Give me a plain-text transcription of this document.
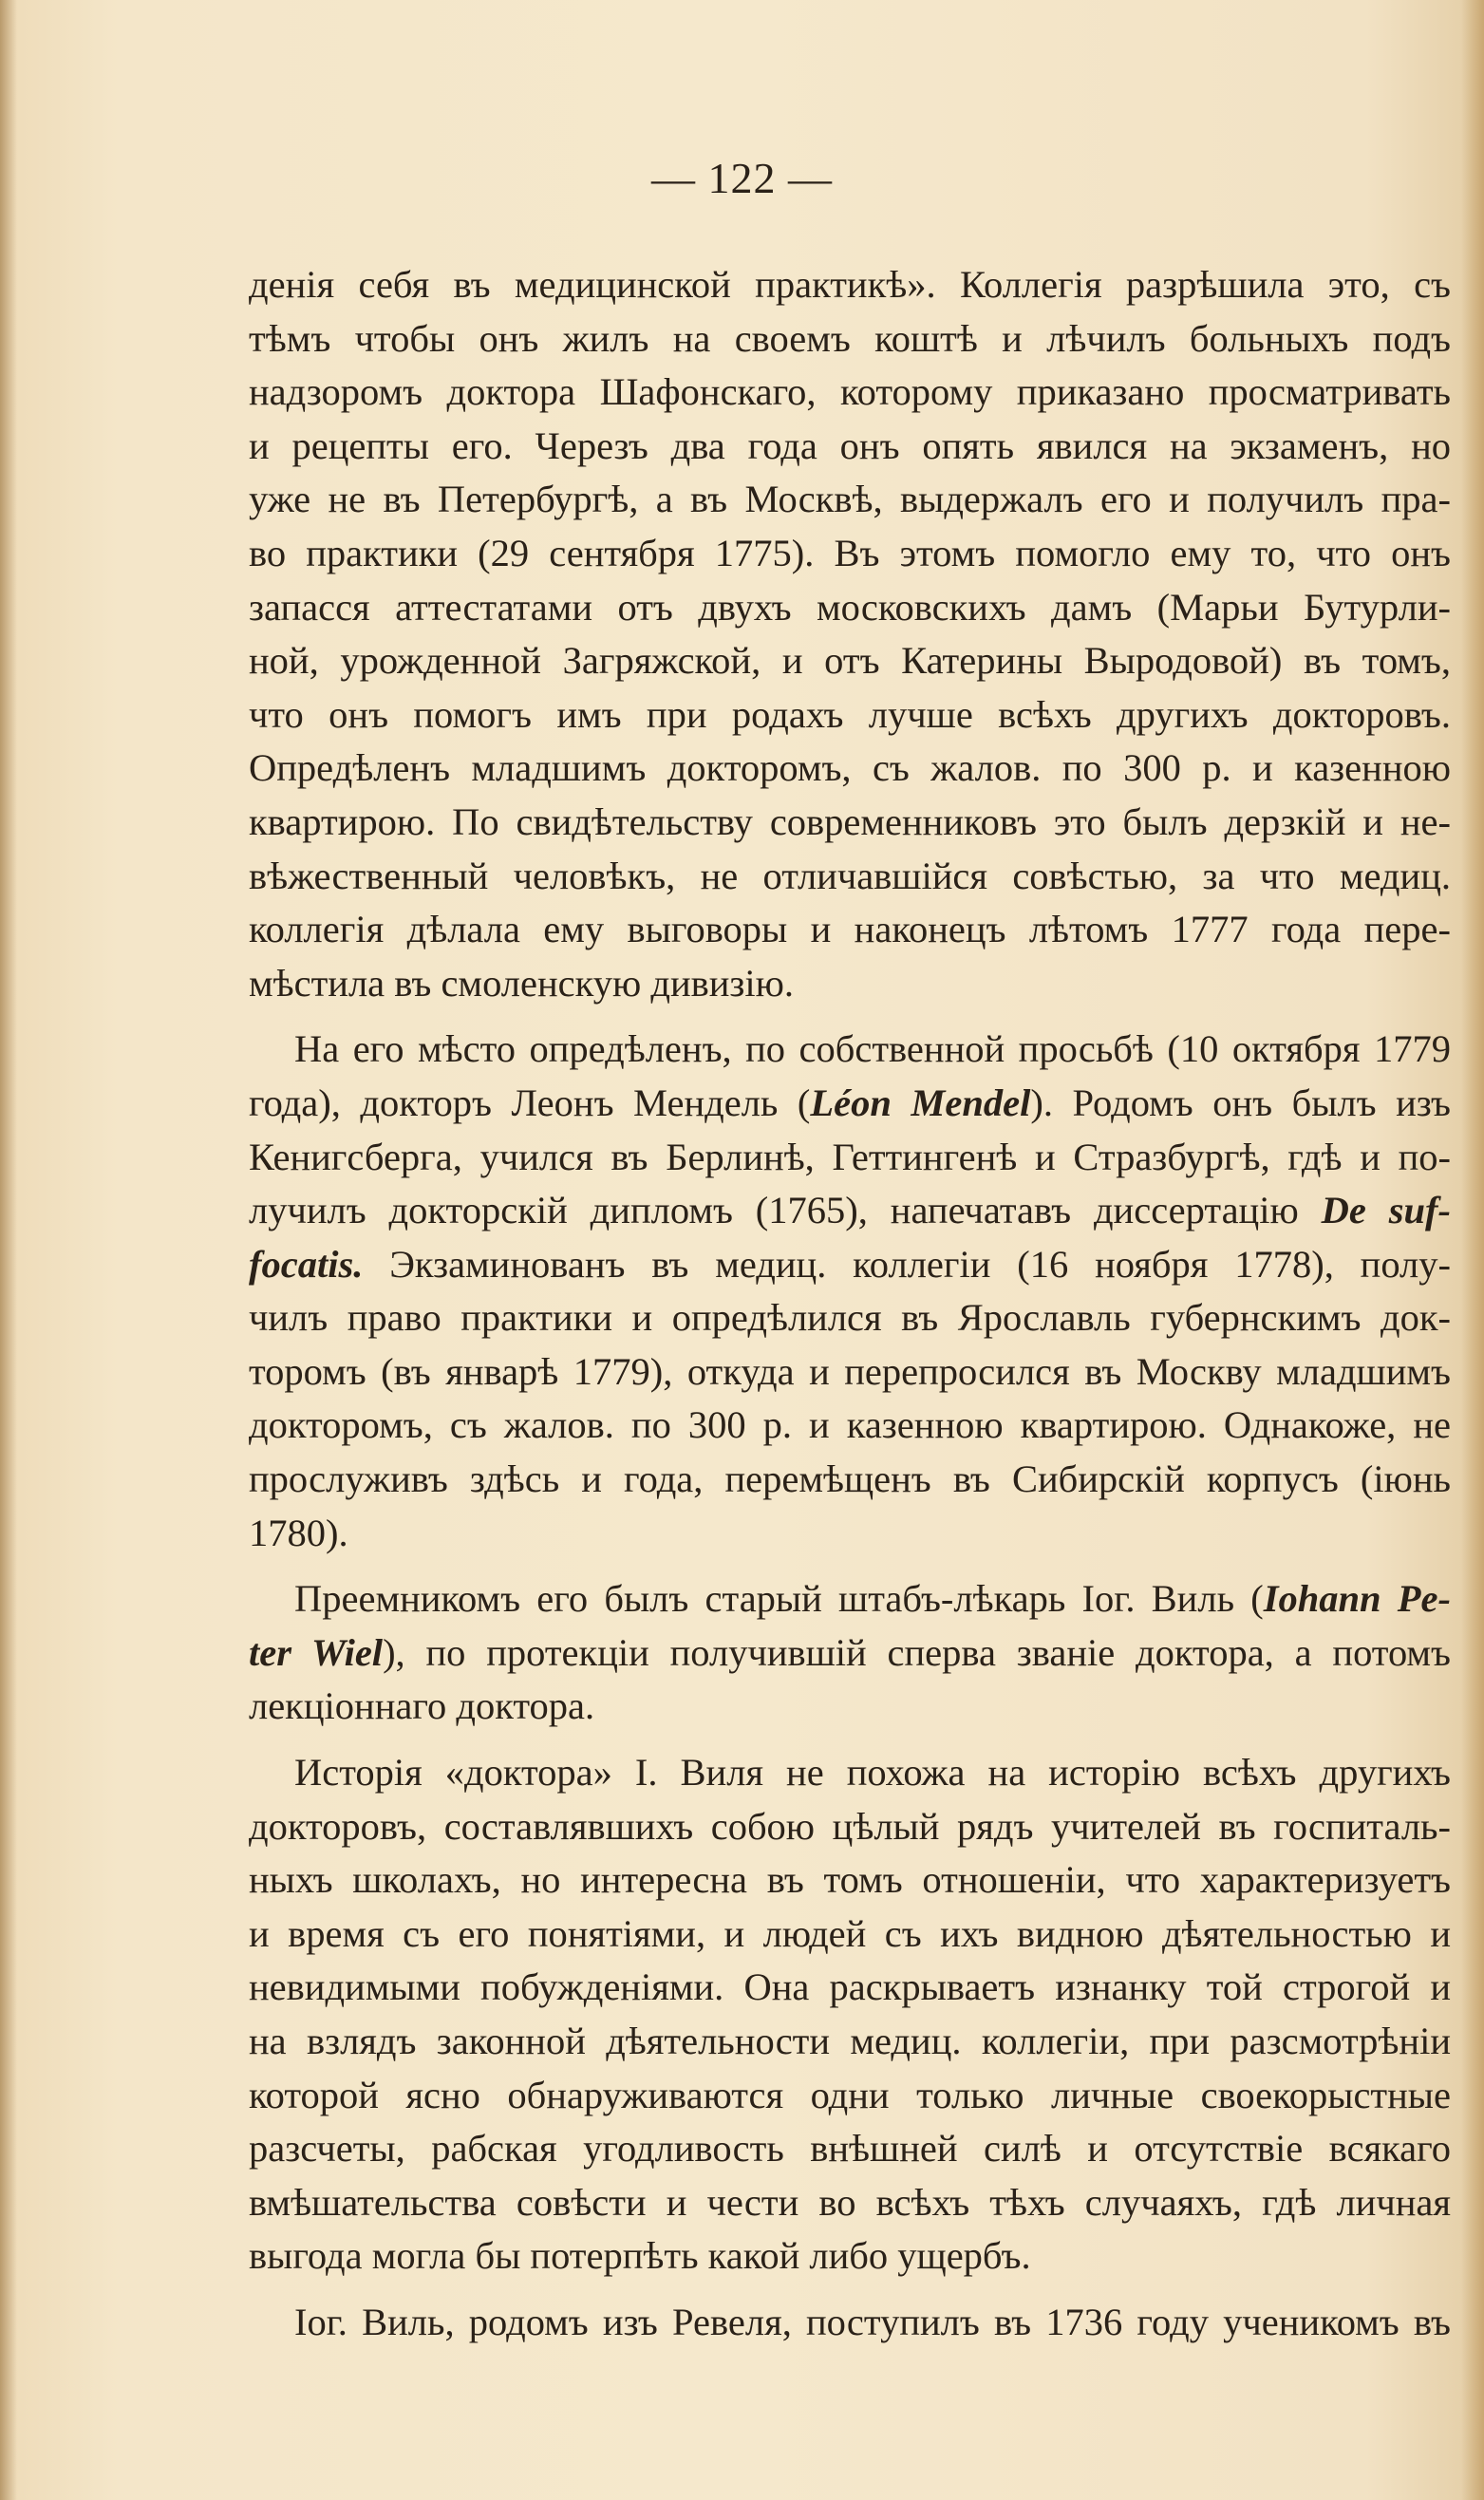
— 122 —
денія себя въ медицинской практикѣ». Коллегія разрѣшила это, съ
тѣмъ чтобы онъ жилъ на своемъ коштѣ и лѣчилъ больныхъ подъ
надзоромъ доктора Шафонскаго, которому приказано просматривать
и рецепты его. Черезъ два года онъ опять явился на экзаменъ, но
уже не въ Петербургѣ, а въ Москвѣ, выдержалъ его и получилъ пра-
во практики (29 сентября 1775). Въ этомъ помогло ему то, что онъ
запасся аттестатами отъ двухъ московскихъ дамъ (Марьи Бутурли-
ной, урожденной Загряжской, и отъ Катерины Выродовой) въ томъ,
что онъ помогъ имъ при родахъ лучше всѣхъ другихъ докторовъ.
Опредѣленъ младшимъ докторомъ, съ жалов. по 300 р. и казенною
квартирою. По свидѣтельству современниковъ это былъ дерзкій и не-
вѣжественный человѣкъ, не отличавшійся совѣстью, за что медиц.
коллегія дѣлала ему выговоры и наконецъ лѣтомъ 1777 года пере-
мѣстила въ смоленскую дивизію.
На его мѣсто опредѣленъ, по собственной просьбѣ (10 октября 1779
года), докторъ Леонъ Мендель (Léon Mendel). Родомъ онъ былъ изъ
Кенигсберга, учился въ Берлинѣ, Геттингенѣ и Стразбургѣ, гдѣ и по-
лучилъ докторскій дипломъ (1765), напечатавъ диссертацію De suf-
focatis. Экзаминованъ въ медиц. коллегіи (16 ноября 1778), полу-
чилъ право практики и опредѣлился въ Ярославль губернскимъ док-
торомъ (въ январѣ 1779), откуда и перепросился въ Москву младшимъ
докторомъ, съ жалов. по 300 р. и казенною квартирою. Однакоже, не
прослуживъ здѣсь и года, перемѣщенъ въ Сибирскій корпусъ (іюнь
1780).
Преемникомъ его былъ старый штабъ-лѣкарь Іог. Виль (Iohann Pe-
ter Wiel), по протекціи получившій сперва званіе доктора, а потомъ
лекціоннаго доктора.
Исторія «доктора» І. Виля не похожа на исторію всѣхъ другихъ
докторовъ, составлявшихъ собою цѣлый рядъ учителей въ госпиталь-
ныхъ школахъ, но интересна въ томъ отношеніи, что характеризуетъ
и время съ его понятіями, и людей съ ихъ видною дѣятельностью и
невидимыми побужденіями. Она раскрываетъ изнанку той строгой и
на взлядъ законной дѣятельности медиц. коллегіи, при разсмотрѣніи
которой ясно обнаруживаются одни только личные своекорыстные
разсчеты, рабская угодливость внѣшней силѣ и отсутствіе всякаго
вмѣшательства совѣсти и чести во всѣхъ тѣхъ случаяхъ, гдѣ личная
выгода могла бы потерпѣть какой либо ущербъ.
Іог. Виль, родомъ изъ Ревеля, поступилъ въ 1736 году ученикомъ въ
